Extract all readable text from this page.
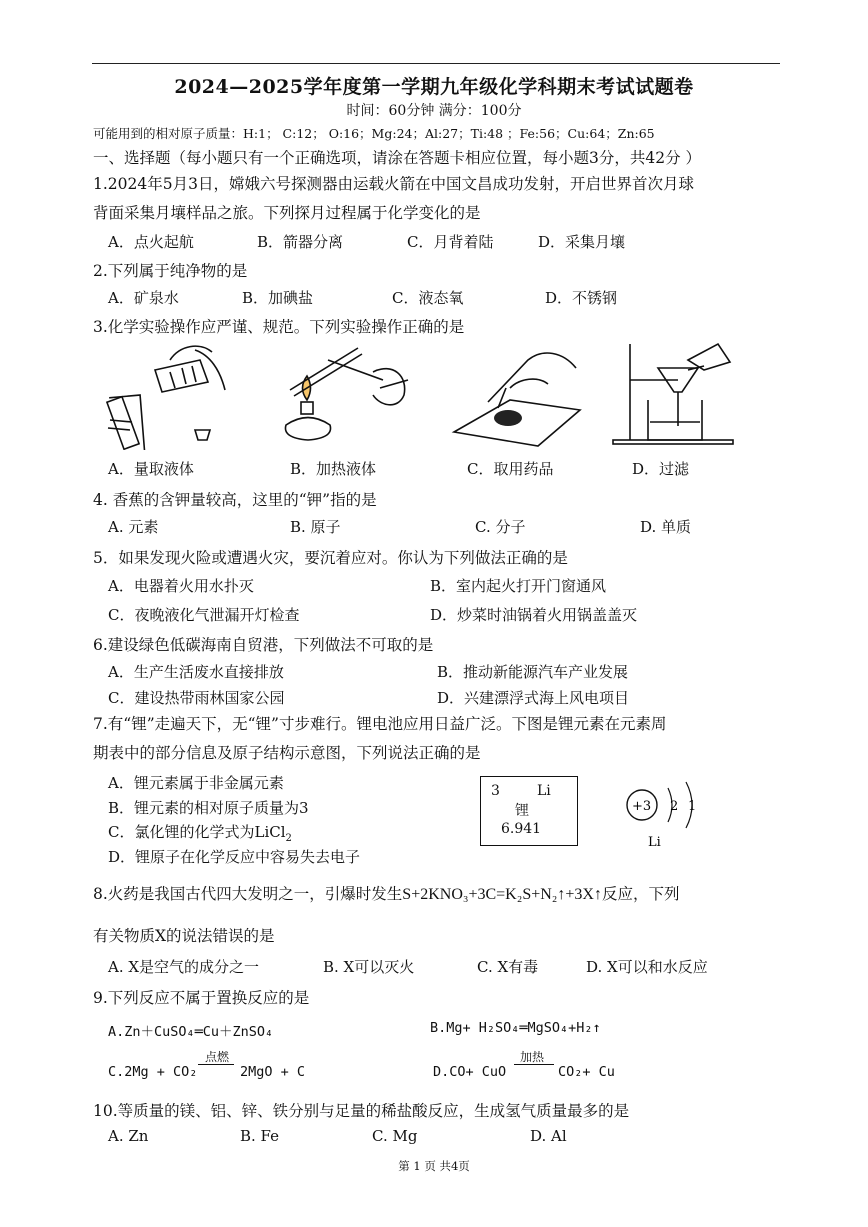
2024—2025学年度第一学期九年级化学科期末考试试题卷
时间：60分钟 满分：100分
可能用到的相对原子质量：H:1； C:12； O:16；Mg:24；Al:27；Ti:48 ；Fe:56；Cu:64；Zn:65
一、选择题（每小题只有一个正确选项，请涂在答题卡相应位置，每小题3分，共42分 ）
1.2024年5月3日，嫦娥六号探测器由运载火箭在中国文昌成功发射，开启世界首次月球
背面采集月壤样品之旅。下列探月过程属于化学变化的是
A．点火起航	B．箭器分离	C．月背着陆	D．采集月壤
2.下列属于纯净物的是
A．矿泉水	B．加碘盐	C．液态氧	D．不锈钢
3.化学实验操作应严谨、规范。下列实验操作正确的是
A．量取液体	B．加热液体	C．取用药品	D．过滤
4. 香蕉的含钾量较高，这里的“钾”指的是
A. 元素	B. 原子	C. 分子	D. 单质
5．如果发现火险或遭遇火灾，要沉着应对。你认为下列做法正确的是
A．电器着火用水扑灭	B．室内起火打开门窗通风
C．夜晚液化气泄漏开灯检查	D．炒菜时油锅着火用锅盖盖灭
6.建设绿色低碳海南自贸港，下列做法不可取的是
A．生产生活废水直接排放	B．推动新能源汽车产业发展
C．建设热带雨林国家公园	D．兴建漂浮式海上风电项目
7.有“锂”走遍天下，无“锂”寸步难行。锂电池应用日益广泛。下图是锂元素在元素周
期表中的部分信息及原子结构示意图，下列说法正确的是
A．锂元素属于非金属元素
B．锂元素的相对原子质量为3
C．氯化锂的化学式为LiCl$_2$
D．锂原子在化学反应中容易失去电子
3	Li
锂
6.941
+3 2 1
Li
8.火药是我国古代四大发明之一，引爆时发生S+2KNO₃+3C=K₂S+N₂↑+3X↑反应，下列
有关物质X的说法错误的是
A. X是空气的成分之一	B. X可以灭火	C. X有毒	D. X可以和水反应
9.下列反应不属于置换反应的是
A.Zn＋CuSO₄═Cu＋ZnSO₄	B.Mg+ H₂SO₄═MgSO₄+H₂↑
C.2Mg + CO₂
点燃
2MgO + C	D.CO+ CuO
加热
CO₂+ Cu
10.等质量的镁、铝、锌、铁分别与足量的稀盐酸反应，生成氢气质量最多的是
A. Zn	B. Fe	C. Mg	D. Al
第 1 页 共4页
